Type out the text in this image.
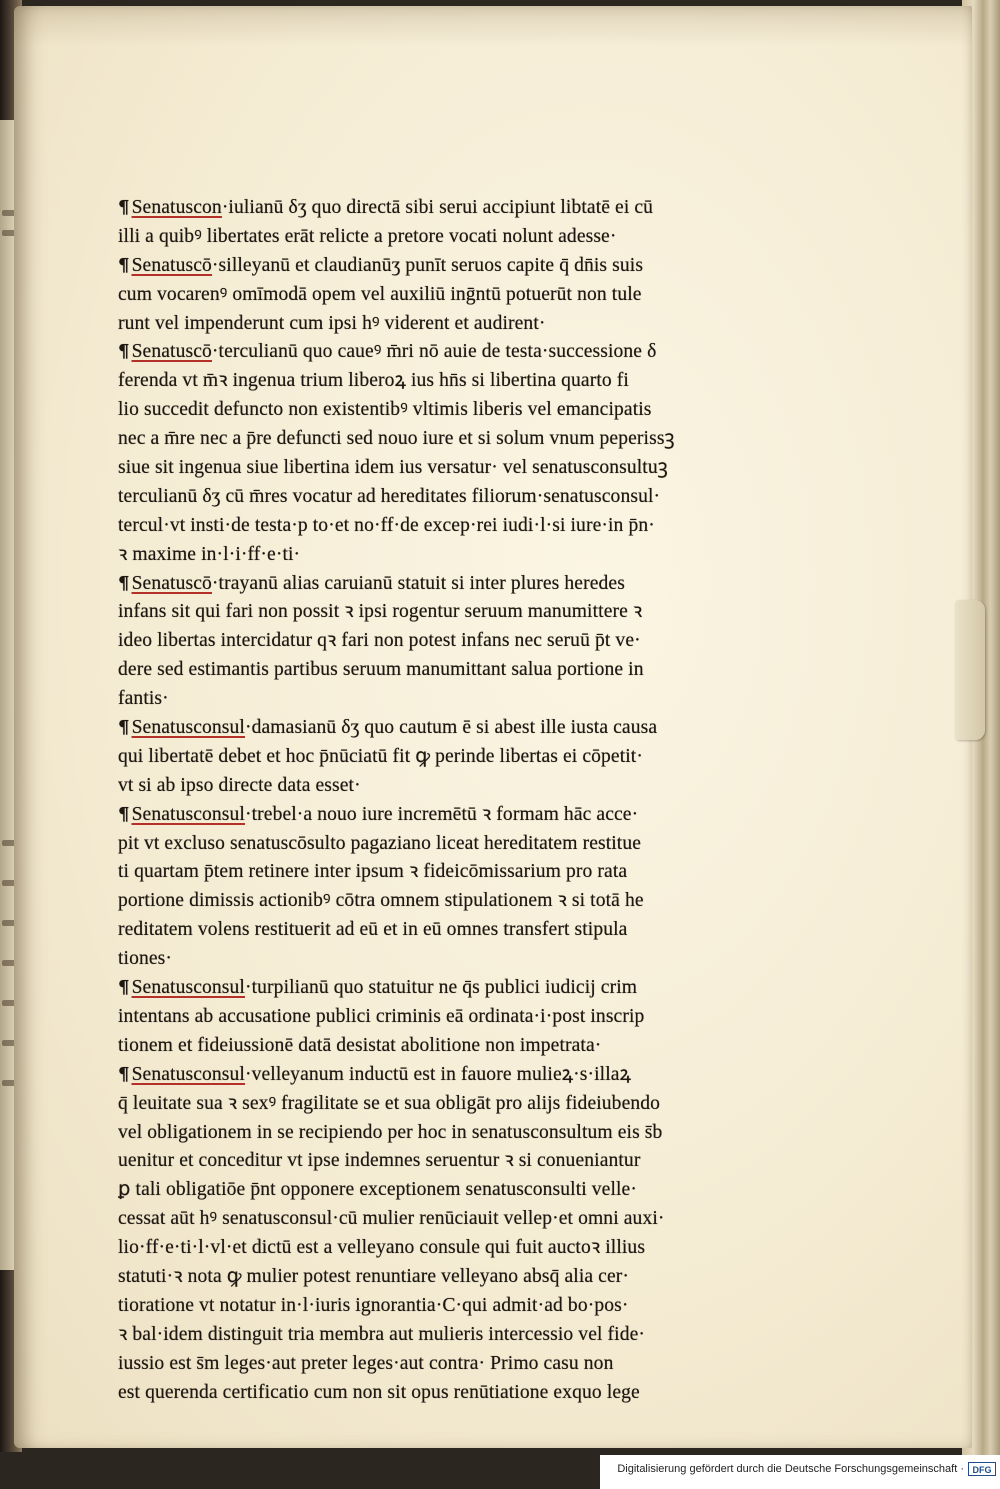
¶ Senatuscon·iulianū δʒ quo directā sibi serui accipiunt libtatē ei cū
illi a quibꝰ libertates erāt relicte a pretore vocati nolunt adesse·
¶ Senatuscō·silleyanū et claudianūʒ punīt seruos capite q̄ dn̄is suis
cum vocarenꝰ omīmodā opem vel auxiliū inḡntū potuerūt non tule
runt vel impenderunt cum ipsi hꝰ viderent et audirent·
¶ Senatuscō·terculianū quo caueꝰ m̄ri nō auie de testa·successione δ
ferenda vt m̄ꝛ ingenua trium liberoꝝ ius hn̄s si libertina quarto fi
lio succedit defuncto non existentibꝰ vltimis liberis vel emancipatis
nec a m̄re nec a p̄re defuncti sed nouo iure et si solum vnum peperissꝫ
siue sit ingenua siue libertina idem ius versatur· vel senatusconsultuꝫ
terculianū δʒ cū m̄res vocatur ad hereditates filiorum·senatusconsul·
tercul·vt insti·de testa·p to·et no·ff·de excep·rei iudi·l·si iure·in p̄n·
ꝛ maxime in·l·i·ff·e·ti·
¶ Senatuscō·trayanū alias caruianū statuit si inter plures heredes
infans sit qui fari non possit ꝛ ipsi rogentur seruum manumittere ꝛ
ideo libertas intercidatur qꝛ fari non potest infans nec seruū p̄t ve·
dere sed estimantis partibus seruum manumittant salua portione in
fantis·
¶ Senatusconsul·damasianū δʒ quo cautum ē si abest ille iusta causa
qui libertatē debet et hoc p̄nūciatū fit ꝙ perinde libertas ei cōpetit·
vt si ab ipso directe data esset·
¶ Senatusconsul·trebel·a nouo iure incremētū ꝛ formam hāc acce·
pit vt excluso senatuscōsulto pagaziano liceat hereditatem restitue
ti quartam p̄tem retinere inter ipsum ꝛ fideicōmissarium pro rata
portione dimissis actionibꝰ cōtra omnem stipulationem ꝛ si totā he
reditatem volens restituerit ad eū et in eū omnes transfert stipula
tiones·
¶ Senatusconsul·turpilianū quo statuitur ne q̄s publici iudicij crim
intentans ab accusatione publici criminis eā ordinata·i·post inscrip
tionem et fideiussionē datā desistat abolitione non impetrata·
¶ Senatusconsul·velleyanum inductū est in fauore mulieꝝ·s·illaꝝ
q̄ leuitate sua ꝛ sexꝰ fragilitate se et sua obligāt pro alijs fideiubendo
vel obligationem in se recipiendo per hoc in senatusconsultum eis s̄b
uenitur et conceditur vt ipse indemnes seruentur ꝛ si conueniantur
ꝑ tali obligatiōe p̄nt opponere exceptionem senatusconsulti velle·
cessat aūt hꝰ senatusconsul·cū mulier renūciauit vellep·et omni auxi·
lio·ff·e·ti·l·vl·et dictū est a velleyano consule qui fuit auctoꝛ illius
statuti·ꝛ nota ꝙ mulier potest renuntiare velleyano absq̄ alia cer·
tioratione vt notatur in·l·iuris ignorantia·C·qui admit·ad bo·pos·
ꝛ bal·idem distinguit tria membra aut mulieris intercessio vel fide·
iussio est s̄m leges·aut preter leges·aut contra· Primo casu non
est querenda certificatio cum non sit opus renūtiatione exquo lege
Digitalisierung gefördert durch die Deutsche Forschungsgemeinschaft · DFG
